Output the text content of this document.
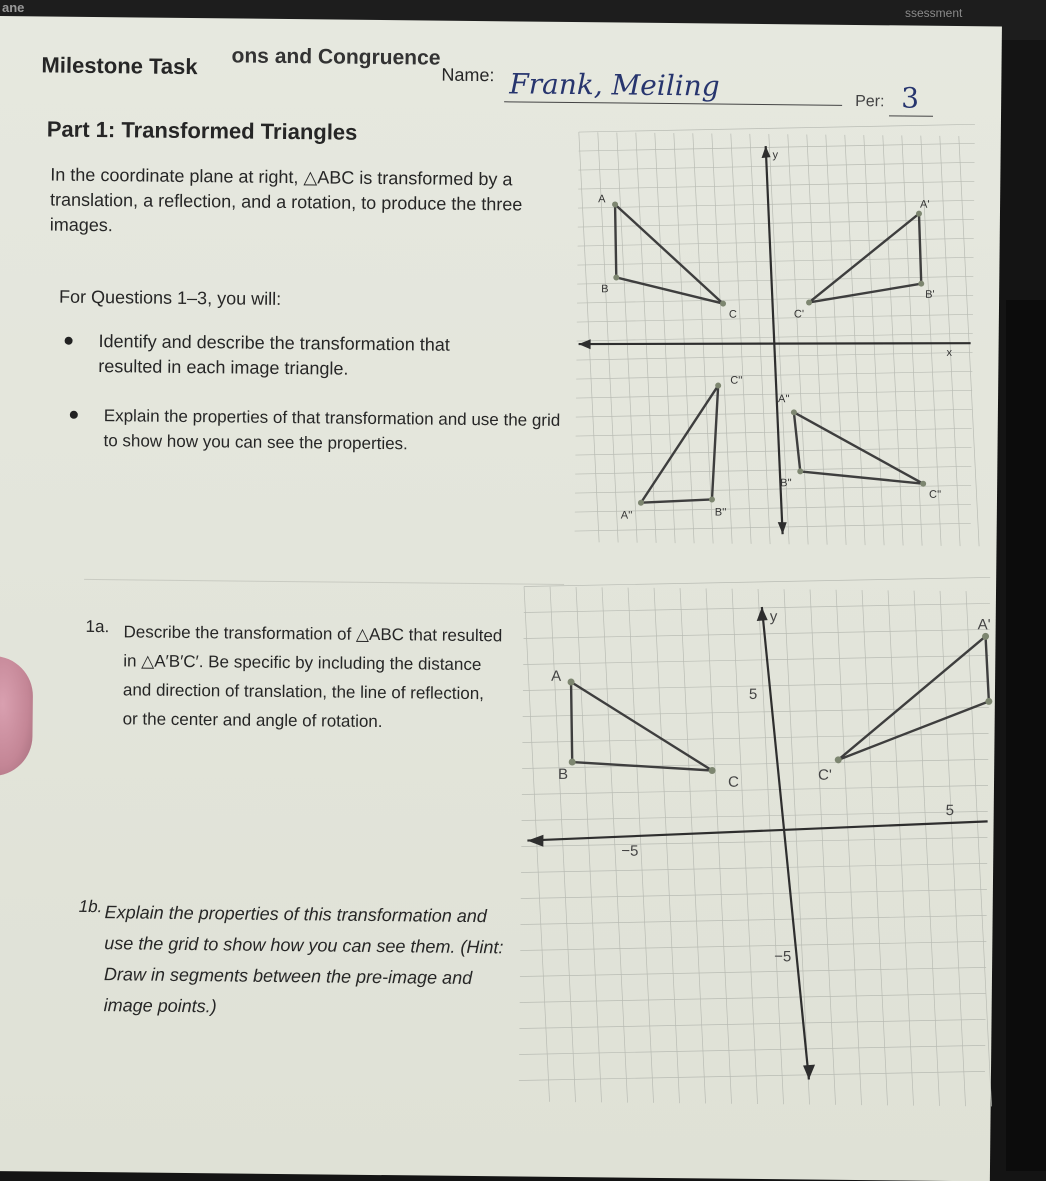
ane	ssessment
ons and Congruence
Milestone Task	Name: Frank, Meiling	Per: 3
Part 1: Transformed Triangles
In the coordinate plane at right, △ABC is transformed by a translation, a reflection, and a rotation, to produce the three images.
For Questions 1–3, you will:
Identify and describe the transformation that resulted in each image triangle.
Explain the properties of that transformation and use the grid to show how you can see the properties.
x
y
A
B
C
A'
B'
C'
A''	B''
C''
A''
B''
C''
1a. Describe the transformation of △ABC that resulted in △A′B′C′. Be specific by including the distance and direction of translation, the line of reflection, or the center and angle of rotation.
1b. Explain the properties of this transformation and use the grid to show how you can see them. (Hint: Draw in segments between the pre-image and image points.)
y
A
B	C
A'
C'
5
−5
5
−5
